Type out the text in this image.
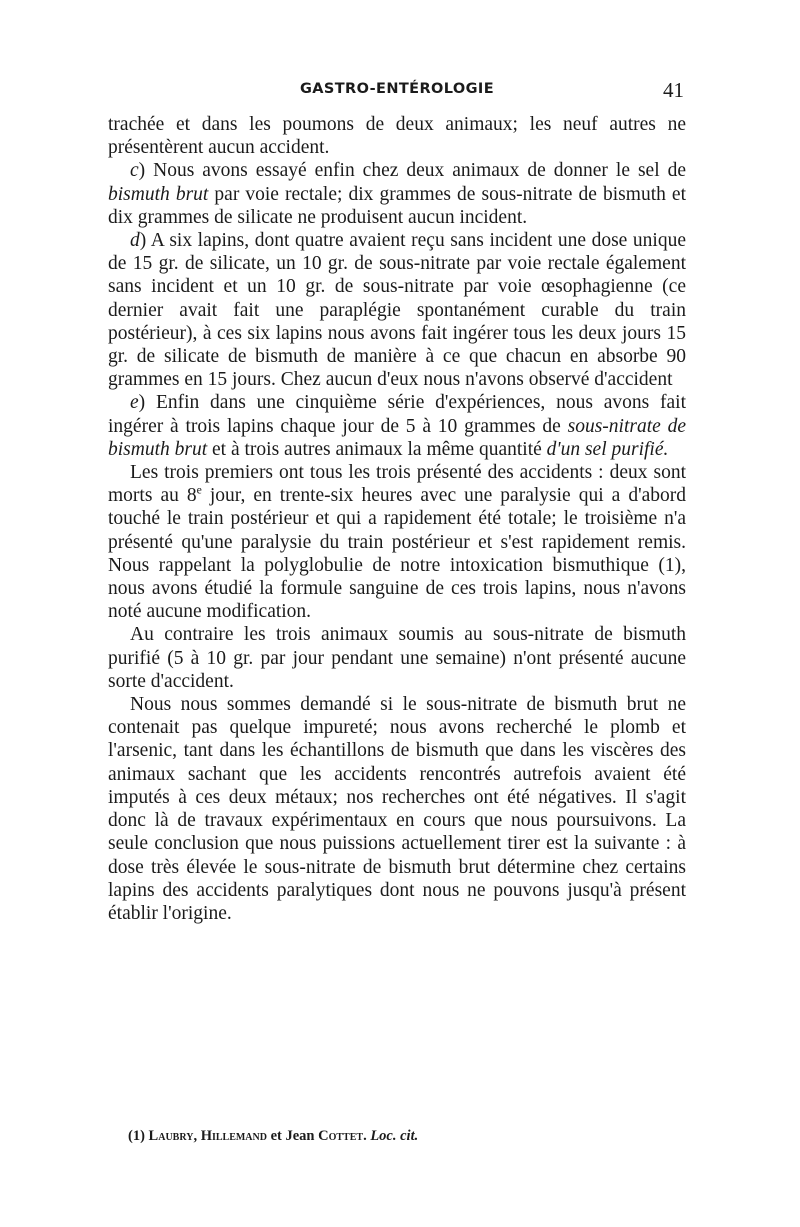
GASTRO-ENTÉROLOGIE	41

trachée et dans les poumons de deux animaux; les neuf autres ne présentèrent aucun accident.

c) Nous avons essayé enfin chez deux animaux de donner le sel de bismuth brut par voie rectale; dix grammes de sous-nitrate de bismuth et dix grammes de silicate ne produisent aucun incident.

d) A six lapins, dont quatre avaient reçu sans incident une dose unique de 15 gr. de silicate, un 10 gr. de sous-nitrate par voie rectale également sans incident et un 10 gr. de sous-nitrate par voie œsophagienne (ce dernier avait fait une paraplégie spontanément curable du train postérieur), à ces six lapins nous avons fait ingérer tous les deux jours 15 gr. de silicate de bismuth de manière à ce que chacun en absorbe 90 grammes en 15 jours. Chez aucun d'eux nous n'avons observé d'accident

e) Enfin dans une cinquième série d'expériences, nous avons fait ingérer à trois lapins chaque jour de 5 à 10 grammes de sous-nitrate de bismuth brut et à trois autres animaux la même quantité d'un sel purifié.

Les trois premiers ont tous les trois présenté des accidents : deux sont morts au 8e jour, en trente-six heures avec une paralysie qui a d'abord touché le train postérieur et qui a rapidement été totale; le troisième n'a présenté qu'une paralysie du train postérieur et s'est rapidement remis. Nous rappelant la polyglobulie de notre intoxication bismuthique (1), nous avons étudié la formule sanguine de ces trois lapins, nous n'avons noté aucune modification.

Au contraire les trois animaux soumis au sous-nitrate de bismuth purifié (5 à 10 gr. par jour pendant une semaine) n'ont présenté aucune sorte d'accident.

Nous nous sommes demandé si le sous-nitrate de bismuth brut ne contenait pas quelque impureté; nous avons recherché le plomb et l'arsenic, tant dans les échantillons de bismuth que dans les viscères des animaux sachant que les accidents rencontrés autrefois avaient été imputés à ces deux métaux; nos recherches ont été négatives. Il s'agit donc là de travaux expérimentaux en cours que nous poursuivons. La seule conclusion que nous puissions actuellement tirer est la suivante : à dose très élevée le sous-nitrate de bismuth brut détermine chez certains lapins des accidents paralytiques dont nous ne pouvons jusqu'à présent établir l'origine.

(1) Laubry, Hillemand et Jean Cottet. Loc. cit.
